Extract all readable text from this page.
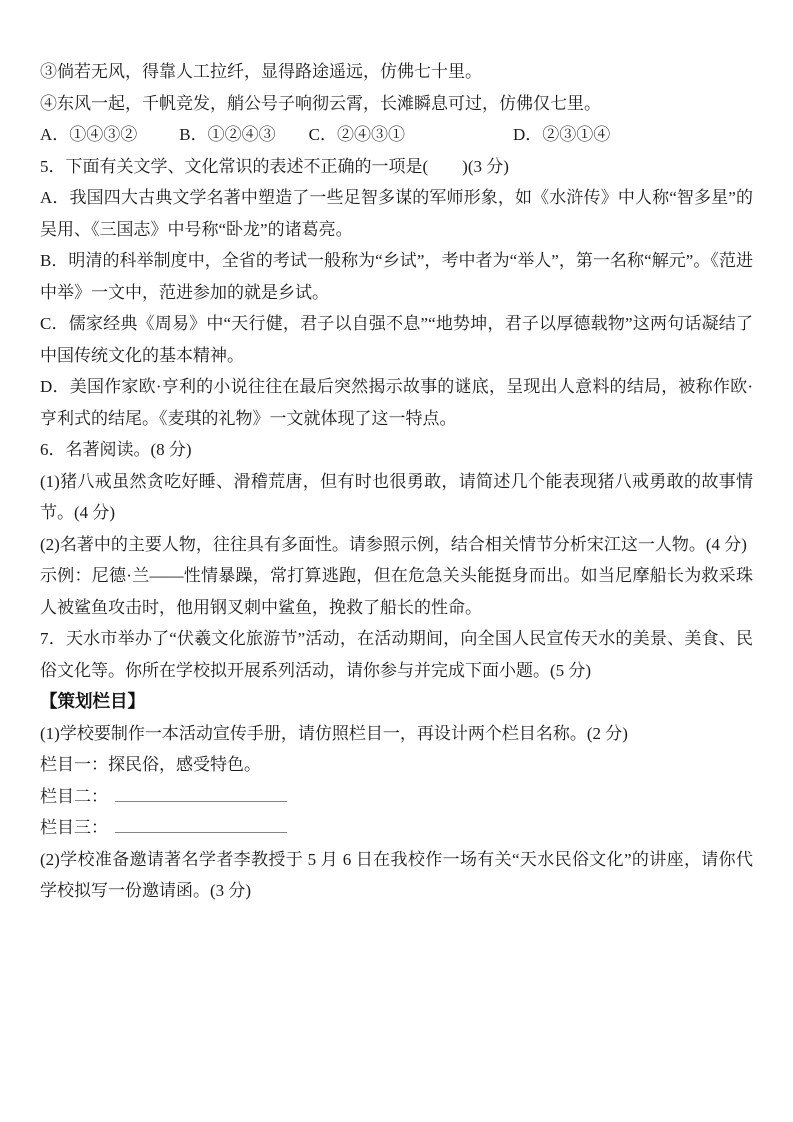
③倘若无风，得靠人工拉纤，显得路途遥远，仿佛七十里。

④东风一起，千帆竞发，艄公号子响彻云霄，长滩瞬息可过，仿佛仅七里。

A．①④③② B．①②④③ C．②④③①	D．②③①④

5．下面有关文学、文化常识的表述不正确的一项是(　　)(3 分)

A．我国四大古典文学名著中塑造了一些足智多谋的军师形象，如《水浒传》中人称“智多星”的吴用、《三国志》中号称“卧龙”的诸葛亮。

B．明清的科举制度中，全省的考试一般称为“乡试”，考中者为“举人”，第一名称“解元”。《范进中举》一文中，范进参加的就是乡试。

C．儒家经典《周易》中“天行健，君子以自强不息”“地势坤，君子以厚德载物”这两句话凝结了中国传统文化的基本精神。

D．美国作家欧·亨利的小说往往在最后突然揭示故事的谜底，呈现出人意料的结局，被称作欧·亨利式的结尾。《麦琪的礼物》一文就体现了这一特点。

6．名著阅读。(8 分)

(1)猪八戒虽然贪吃好睡、滑稽荒唐，但有时也很勇敢，请简述几个能表现猪八戒勇敢的故事情节。(4 分)

(2)名著中的主要人物，往往具有多面性。请参照示例，结合相关情节分析宋江这一人物。(4 分)

示例：尼德·兰——性情暴躁，常打算逃跑，但在危急关头能挺身而出。如当尼摩船长为救采珠人被鲨鱼攻击时，他用钢叉刺中鲨鱼，挽救了船长的性命。

7．天水市举办了“伏羲文化旅游节”活动，在活动期间，向全国人民宣传天水的美景、美食、民俗文化等。你所在学校拟开展系列活动，请你参与并完成下面小题。(5 分)

【策划栏目】

(1)学校要制作一本活动宣传手册，请仿照栏目一，再设计两个栏目名称。(2 分)

栏目一：探民俗，感受特色。

栏目二：

栏目三：

(2)学校准备邀请著名学者李教授于 5 月 6 日在我校作一场有关“天水民俗文化”的讲座，请你代学校拟写一份邀请函。(3 分)
